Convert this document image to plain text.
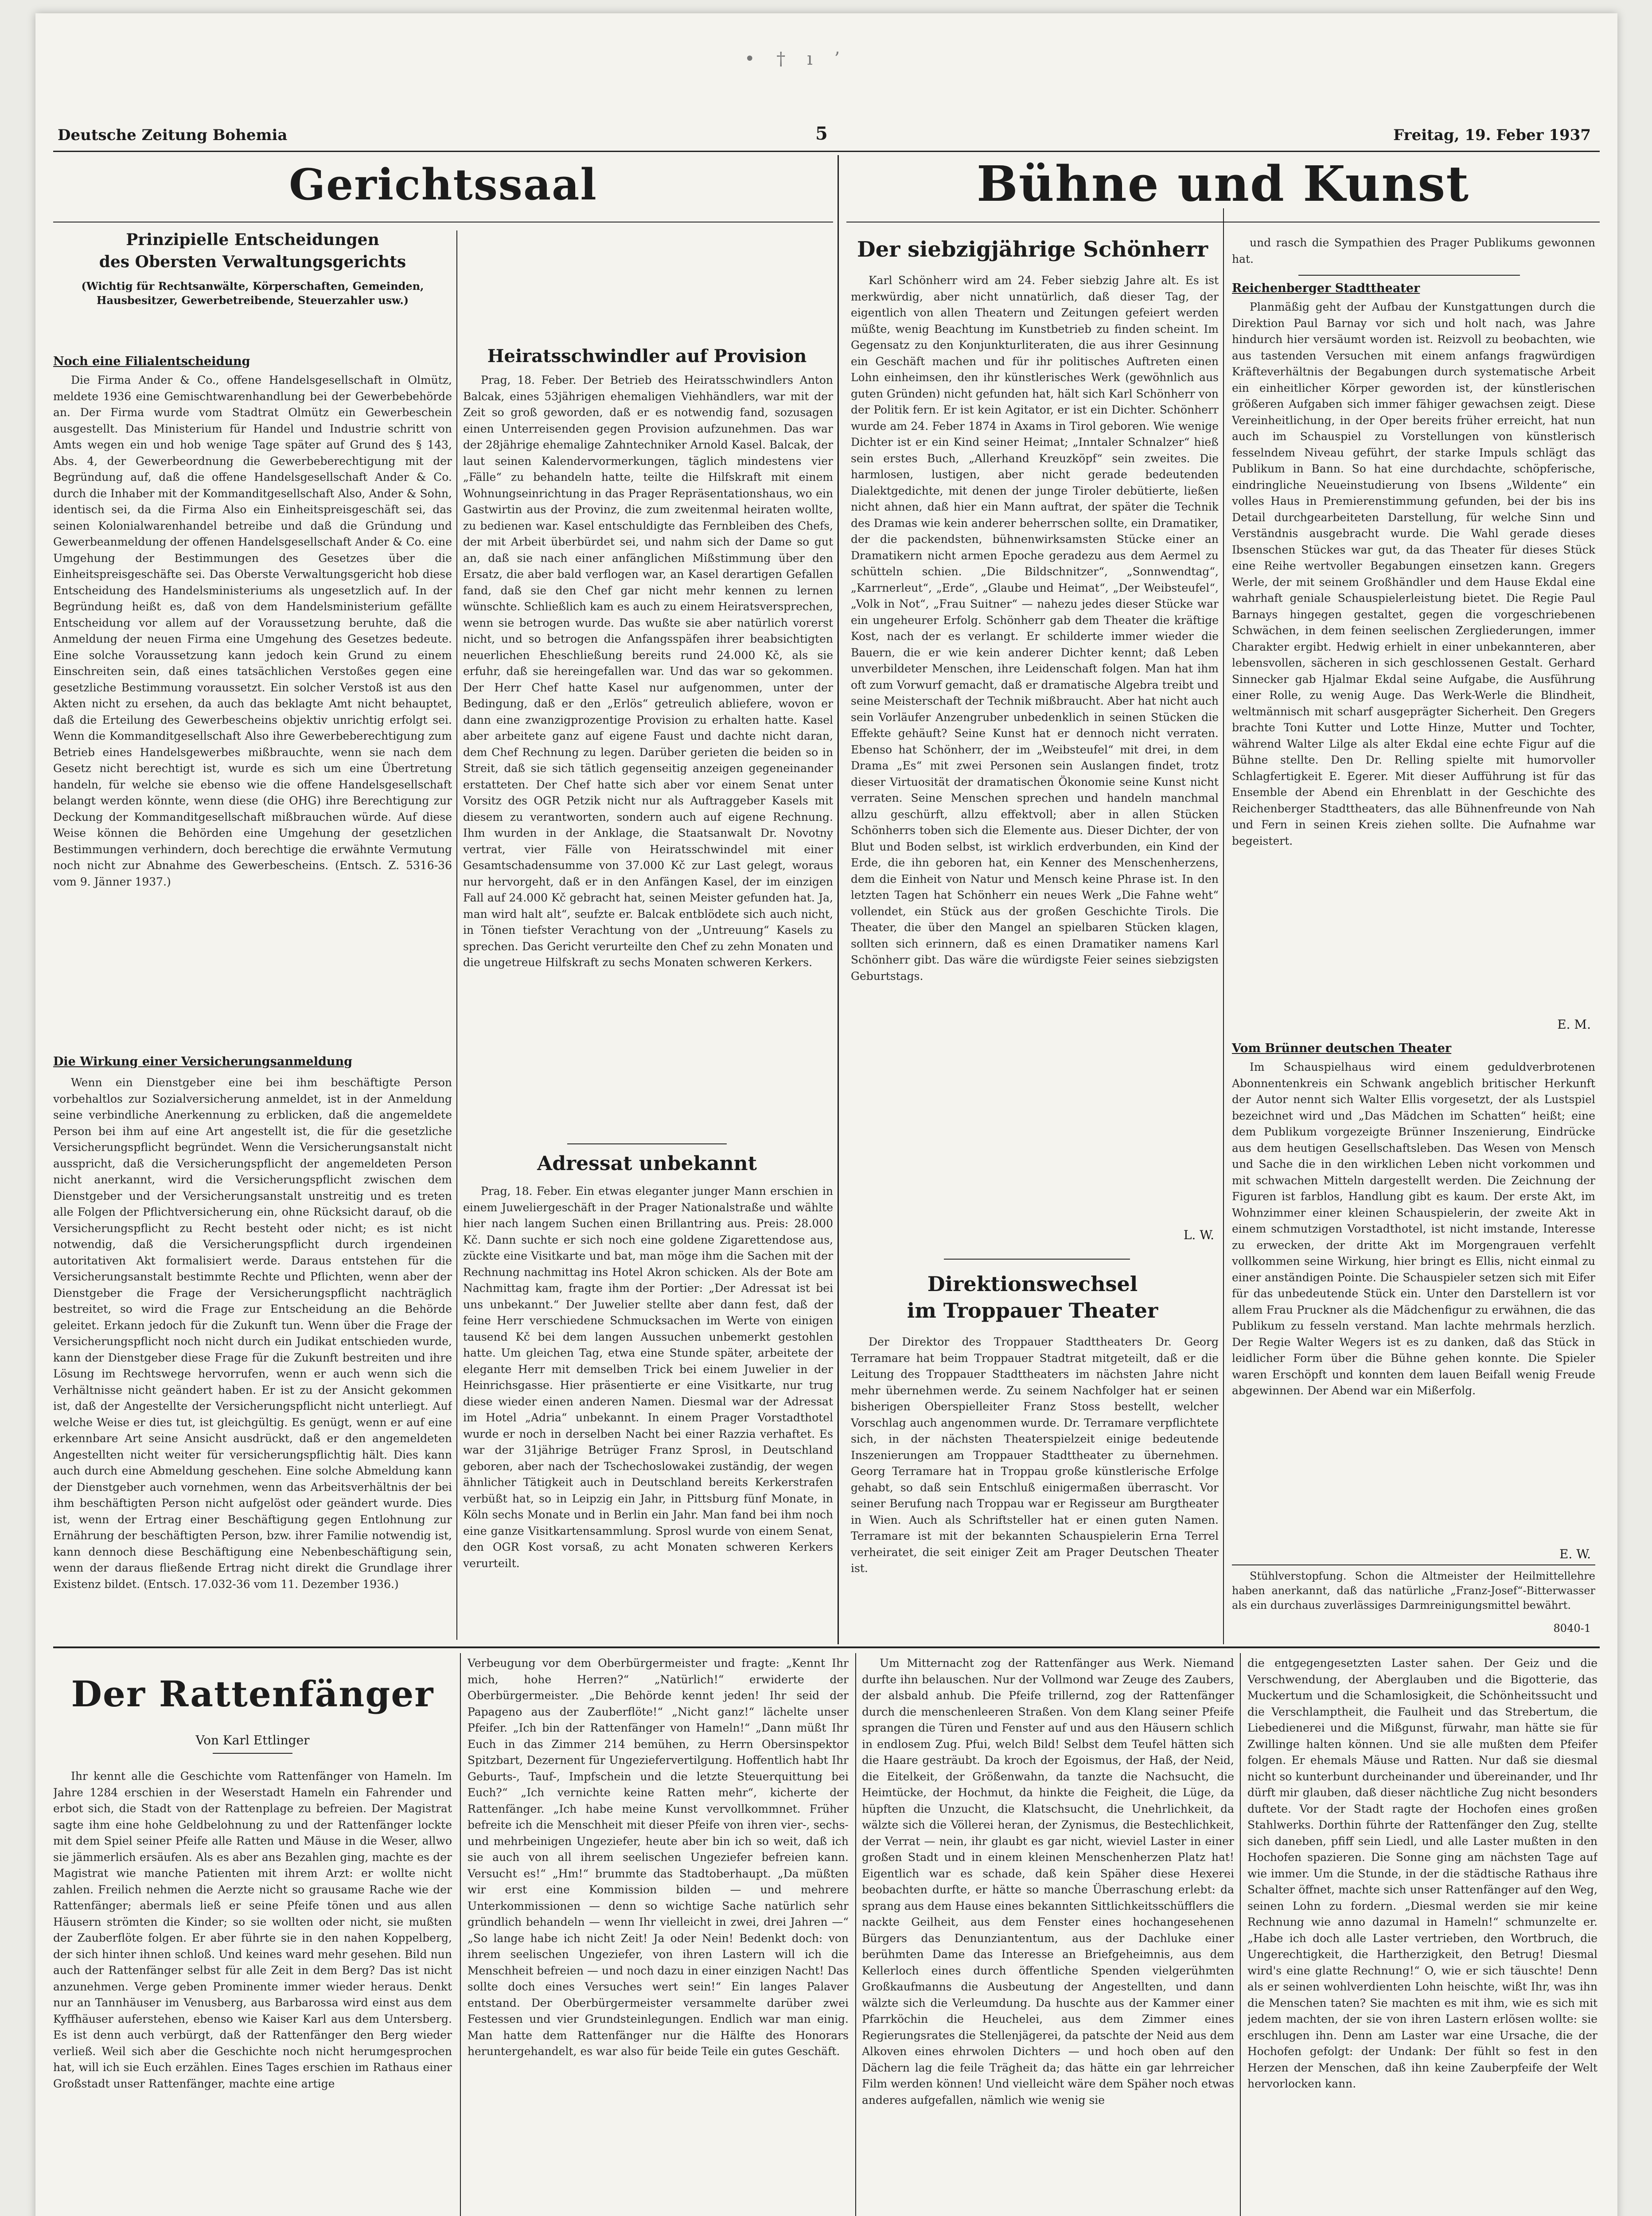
• † ı ’
Deutsche Zeitung Bohemia	5	Freitag, 19. Feber 1937
Gerichtssaal
Prinzipielle Entscheidungen
des Obersten Verwaltungsgerichts
(Wichtig für Rechtsanwälte, Körperschaften, Gemeinden, Hausbesitzer, Gewerbetreibende, Steuerzahler usw.)
Noch eine Filialentscheidung

Die Firma Ander & Co., offene Handelsgesellschaft in Olmütz, meldete 1936 eine Gemischtwarenhandlung bei der Gewerbebehörde an. Der Firma wurde vom Stadtrat Olmütz ein Gewerbeschein ausgestellt. Das Ministerium für Handel und Industrie schritt von Amts wegen ein und hob wenige Tage später auf Grund des § 143, Abs. 4, der Gewerbeordnung die Gewerbeberechtigung mit der Begründung auf, daß die offene Handelsgesellschaft Ander & Co. durch die Inhaber mit der Kommanditgesellschaft Also, Ander & Sohn, identisch sei, da die Firma Also ein Einheitspreisgeschäft sei, das seinen Kolonialwarenhandel betreibe und daß die Gründung und Gewerbeanmeldung der offenen Handelsgesellschaft Ander & Co. eine Umgehung der Bestimmungen des Gesetzes über die Einheitspreisgeschäfte sei. Das Oberste Verwaltungsgericht hob diese Entscheidung des Handelsministeriums als ungesetzlich auf. In der Begründung heißt es, daß von dem Handelsministerium gefällte Entscheidung vor allem auf der Voraussetzung beruhte, daß die Anmeldung der neuen Firma eine Umgehung des Gesetzes bedeute. Eine solche Voraussetzung kann jedoch kein Grund zu einem Einschreiten sein, daß eines tatsächlichen Verstoßes gegen eine gesetzliche Bestimmung voraussetzt. Ein solcher Verstoß ist aus den Akten nicht zu ersehen, da auch das beklagte Amt nicht behauptet, daß die Erteilung des Gewerbescheins objektiv unrichtig erfolgt sei. Wenn die Kommanditgesellschaft Also ihre Gewerbeberechtigung zum Betrieb eines Handelsgewerbes mißbrauchte, wenn sie nach dem Gesetz nicht berechtigt ist, wurde es sich um eine Übertretung handeln, für welche sie ebenso wie die offene Handelsgesellschaft belangt werden könnte, wenn diese (die OHG) ihre Berechtigung zur Deckung der Kommanditgesellschaft mißbrauchen würde. Auf diese Weise können die Behörden eine Umgehung der gesetzlichen Bestimmungen verhindern, doch berechtige die erwähnte Vermutung noch nicht zur Abnahme des Gewerbescheins. (Entsch. Z. 5316-36 vom 9. Jänner 1937.)

Die Wirkung einer Versicherungsanmeldung

Wenn ein Dienstgeber eine bei ihm beschäftigte Person vorbehaltlos zur Sozialversicherung anmeldet, ist in der Anmeldung seine verbindliche Anerkennung zu erblicken, daß die angemeldete Person bei ihm auf eine Art angestellt ist, die für die gesetzliche Versicherungspflicht begründet. Wenn die Versicherungsanstalt nicht ausspricht, daß die Versicherungspflicht der angemeldeten Person nicht anerkannt, wird die Versicherungspflicht zwischen dem Dienstgeber und der Versicherungsanstalt unstreitig und es treten alle Folgen der Pflichtversicherung ein, ohne Rücksicht darauf, ob die Versicherungspflicht zu Recht besteht oder nicht; es ist nicht notwendig, daß die Versicherungspflicht durch irgendeinen autoritativen Akt formalisiert werde. Daraus entstehen für die Versicherungsanstalt bestimmte Rechte und Pflichten, wenn aber der Dienstgeber die Frage der Versicherungspflicht nachträglich bestreitet, so wird die Frage zur Entscheidung an die Behörde geleitet. Erkann jedoch für die Zukunft tun. Wenn über die Frage der Versicherungspflicht noch nicht durch ein Judikat entschieden wurde, kann der Dienstgeber diese Frage für die Zukunft bestreiten und ihre Lösung im Rechtswege hervorrufen, wenn er auch wenn sich die Verhältnisse nicht geändert haben. Er ist zu der Ansicht gekommen ist, daß der Angestellte der Versicherungspflicht nicht unterliegt. Auf welche Weise er dies tut, ist gleichgültig. Es genügt, wenn er auf eine erkennbare Art seine Ansicht ausdrückt, daß er den angemeldeten Angestellten nicht weiter für versicherungspflichtig hält. Dies kann auch durch eine Abmeldung geschehen. Eine solche Abmeldung kann der Dienstgeber auch vornehmen, wenn das Arbeitsverhältnis der bei ihm beschäftigten Person nicht aufgelöst oder geändert wurde. Dies ist, wenn der Ertrag einer Beschäftigung gegen Entlohnung zur Ernährung der beschäftigten Person, bzw. ihrer Familie notwendig ist, kann dennoch diese Beschäftigung eine Nebenbeschäftigung sein, wenn der daraus fließende Ertrag nicht direkt die Grundlage ihrer Existenz bildet. (Entsch. 17.032-36 vom 11. Dezember 1936.)

Heiratsschwindler auf Provision

Prag, 18. Feber. Der Betrieb des Heiratsschwindlers Anton Balcak, eines 53jährigen ehemaligen Viehhändlers, war mit der Zeit so groß geworden, daß er es notwendig fand, sozusagen einen Unterreisenden gegen Provision aufzunehmen. Das war der 28jährige ehemalige Zahntechniker Arnold Kasel. Balcak, der laut seinen Kalendervormerkungen, täglich mindestens vier „Fälle“ zu behandeln hatte, teilte die Hilfskraft mit einem Wohnungseinrichtung in das Prager Repräsentationshaus, wo ein Gastwirtin aus der Provinz, die zum zweitenmal heiraten wollte, zu bedienen war. Kasel entschuldigte das Fernbleiben des Chefs, der mit Arbeit überbürdet sei, und nahm sich der Dame so gut an, daß sie nach einer anfänglichen Mißstimmung über den Ersatz, die aber bald verflogen war, an Kasel derartigen Gefallen fand, daß sie den Chef gar nicht mehr kennen zu lernen wünschte. Schließlich kam es auch zu einem Heiratsversprechen, wenn sie betrogen wurde. Das wußte sie aber natürlich vorerst nicht, und so betrogen die Anfangsspäfen ihrer beabsichtigten neuerlichen Eheschließung bereits rund 24.000 Kč, als sie erfuhr, daß sie hereingefallen war. Und das war so gekommen. Der Herr Chef hatte Kasel nur aufgenommen, unter der Bedingung, daß er den „Erlös“ getreulich abliefere, wovon er dann eine zwanzigprozentige Provision zu erhalten hatte. Kasel aber arbeitete ganz auf eigene Faust und dachte nicht daran, dem Chef Rechnung zu legen. Darüber gerieten die beiden so in Streit, daß sie sich tätlich gegenseitig anzeigen gegeneinander erstatteten. Der Chef hatte sich aber vor einem Senat unter Vorsitz des OGR Petzik nicht nur als Auftraggeber Kasels mit diesem zu verantworten, sondern auch auf eigene Rechnung. Ihm wurden in der Anklage, die Staatsanwalt Dr. Novotny vertrat, vier Fälle von Heiratsschwindel mit einer Gesamtschadensumme von 37.000 Kč zur Last gelegt, woraus nur hervorgeht, daß er in den Anfängen Kasel, der im einzigen Fall auf 24.000 Kč gebracht hat, seinen Meister gefunden hat. Ja, man wird halt alt“, seufzte er. Balcak entblödete sich auch nicht, in Tönen tiefster Verachtung von der „Untreuung“ Kasels zu sprechen. Das Gericht verurteilte den Chef zu zehn Monaten und die ungetreue Hilfskraft zu sechs Monaten schweren Kerkers.

Adressat unbekannt

Prag, 18. Feber. Ein etwas eleganter junger Mann erschien in einem Juweliergeschäft in der Prager Nationalstraße und wählte hier nach langem Suchen einen Brillantring aus. Preis: 28.000 Kč. Dann suchte er sich noch eine goldene Zigarettendose aus, zückte eine Visitkarte und bat, man möge ihm die Sachen mit der Rechnung nachmittag ins Hotel Akron schicken. Als der Bote am Nachmittag kam, fragte ihm der Portier: „Der Adressat ist bei uns unbekannt.“ Der Juwelier stellte aber dann fest, daß der feine Herr verschiedene Schmucksachen im Werte von einigen tausend Kč bei dem langen Aussuchen unbemerkt gestohlen hatte. Um gleichen Tag, etwa eine Stunde später, arbeitete der elegante Herr mit demselben Trick bei einem Juwelier in der Heinrichsgasse. Hier präsentierte er eine Visitkarte, nur trug diese wieder einen anderen Namen. Diesmal war der Adressat im Hotel „Adria“ unbekannt. In einem Prager Vorstadthotel wurde er noch in derselben Nacht bei einer Razzia verhaftet. Es war der 31jährige Betrüger Franz Sprosl, in Deutschland geboren, aber nach der Tschechoslowakei zuständig, der wegen ähnlicher Tätigkeit auch in Deutschland bereits Kerkerstrafen verbüßt hat, so in Leipzig ein Jahr, in Pittsburg fünf Monate, in Köln sechs Monate und in Berlin ein Jahr. Man fand bei ihm noch eine ganze Visitkartensammlung. Sprosl wurde von einem Senat, den OGR Kost vorsaß, zu acht Monaten schweren Kerkers verurteilt.

Bühne und Kunst
Der siebzigjährige Schönherr

Karl Schönherr wird am 24. Feber siebzig Jahre alt. Es ist merkwürdig, aber nicht unnatürlich, daß dieser Tag, der eigentlich von allen Theatern und Zeitungen gefeiert werden müßte, wenig Beachtung im Kunstbetrieb zu finden scheint. Im Gegensatz zu den Konjunkturliteraten, die aus ihrer Gesinnung ein Geschäft machen und für ihr politisches Auftreten einen Lohn einheimsen, den ihr künstlerisches Werk (gewöhnlich aus guten Gründen) nicht gefunden hat, hält sich Karl Schönherr von der Politik fern. Er ist kein Agitator, er ist ein Dichter. Schönherr wurde am 24. Feber 1874 in Axams in Tirol geboren. Wie wenige Dichter ist er ein Kind seiner Heimat; „Inntaler Schnalzer“ hieß sein erstes Buch, „Allerhand Kreuzköpf“ sein zweites. Die harmlosen, lustigen, aber nicht gerade bedeutenden Dialektgedichte, mit denen der junge Tiroler debütierte, ließen nicht ahnen, daß hier ein Mann auftrat, der später die Technik des Dramas wie kein anderer beherrschen sollte, ein Dramatiker, der die packendsten, bühnenwirksamsten Stücke einer an Dramatikern nicht armen Epoche geradezu aus dem Aermel zu schütteln schien. „Die Bildschnitzer“, „Sonnwendtag“, „Karrnerleut“, „Erde“, „Glaube und Heimat“, „Der Weibsteufel“, „Volk in Not“, „Frau Suitner“ — nahezu jedes dieser Stücke war ein ungeheurer Erfolg. Schönherr gab dem Theater die kräftige Kost, nach der es verlangt. Er schilderte immer wieder die Bauern, die er wie kein anderer Dichter kennt; daß Leben unverbildeter Menschen, ihre Leidenschaft folgen. Man hat ihm oft zum Vorwurf gemacht, daß er dramatische Algebra treibt und seine Meisterschaft der Technik mißbraucht. Aber hat nicht auch sein Vorläufer Anzengruber unbedenklich in seinen Stücken die Effekte gehäuft? Seine Kunst hat er dennoch nicht verraten. Ebenso hat Schönherr, der im „Weibsteufel“ mit drei, in dem Drama „Es“ mit zwei Personen sein Auslangen findet, trotz dieser Virtuosität der dramatischen Ökonomie seine Kunst nicht verraten. Seine Menschen sprechen und handeln manchmal allzu geschürft, allzu effektvoll; aber in allen Stücken Schönherrs toben sich die Elemente aus. Dieser Dichter, der von Blut und Boden selbst, ist wirklich erdverbunden, ein Kind der Erde, die ihn geboren hat, ein Kenner des Menschenherzens, dem die Einheit von Natur und Mensch keine Phrase ist. In den letzten Tagen hat Schönherr ein neues Werk „Die Fahne weht“ vollendet, ein Stück aus der großen Geschichte Tirols. Die Theater, die über den Mangel an spielbaren Stücken klagen, sollten sich erinnern, daß es einen Dramatiker namens Karl Schönherr gibt. Das wäre die würdigste Feier seines siebzigsten Geburtstags.

L. W.
Direktionswechsel
im Troppauer Theater

Der Direktor des Troppauer Stadttheaters Dr. Georg Terramare hat beim Troppauer Stadtrat mitgeteilt, daß er die Leitung des Troppauer Stadttheaters im nächsten Jahre nicht mehr übernehmen werde. Zu seinem Nachfolger hat er seinen bisherigen Oberspielleiter Franz Stoss bestellt, welcher Vorschlag auch angenommen wurde. Dr. Terramare verpflichtete sich, in der nächsten Theaterspielzeit einige bedeutende Inszenierungen am Troppauer Stadttheater zu übernehmen. Georg Terramare hat in Troppau große künstlerische Erfolge gehabt, so daß sein Entschluß einigermaßen überrascht. Vor seiner Berufung nach Troppau war er Regisseur am Burgtheater in Wien. Auch als Schriftsteller hat er einen guten Namen. Terramare ist mit der bekannten Schauspielerin Erna Terrel verheiratet, die seit einiger Zeit am Prager Deutschen Theater ist.

und rasch die Sympathien des Prager Publikums gewonnen hat.

Reichenberger Stadttheater

Planmäßig geht der Aufbau der Kunstgattungen durch die Direktion Paul Barnay vor sich und holt nach, was Jahre hindurch hier versäumt worden ist. Reizvoll zu beobachten, wie aus tastenden Versuchen mit einem anfangs fragwürdigen Kräfteverhältnis der Begabungen durch systematische Arbeit ein einheitlicher Körper geworden ist, der künstlerischen größeren Aufgaben sich immer fähiger gewachsen zeigt. Diese Vereinheitlichung, in der Oper bereits früher erreicht, hat nun auch im Schauspiel zu Vorstellungen von künstlerisch fesselndem Niveau geführt, der starke Impuls schlägt das Publikum in Bann. So hat eine durchdachte, schöpferische, eindringliche Neueinstudierung von Ibsens „Wildente“ ein volles Haus in Premierenstimmung gefunden, bei der bis ins Detail durchgearbeiteten Darstellung, für welche Sinn und Verständnis ausgebracht wurde. Die Wahl gerade dieses Ibsenschen Stückes war gut, da das Theater für dieses Stück eine Reihe wertvoller Begabungen einsetzen kann. Gregers Werle, der mit seinem Großhändler und dem Hause Ekdal eine wahrhaft geniale Schauspielerleistung bietet. Die Regie Paul Barnays hingegen gestaltet, gegen die vorgeschriebenen Schwächen, in dem feinen seelischen Zergliederungen, immer Charakter ergibt. Hedwig erhielt in einer unbekannteren, aber lebensvollen, sächeren in sich geschlossenen Gestalt. Gerhard Sinnecker gab Hjalmar Ekdal seine Aufgabe, die Ausführung einer Rolle, zu wenig Auge. Das Werk-Werle die Blindheit, weltmännisch mit scharf ausgeprägter Sicherheit. Den Gregers brachte Toni Kutter und Lotte Hinze, Mutter und Tochter, während Walter Lilge als alter Ekdal eine echte Figur auf die Bühne stellte. Den Dr. Relling spielte mit humorvoller Schlagfertigkeit E. Egerer. Mit dieser Aufführung ist für das Ensemble der Abend ein Ehrenblatt in der Geschichte des Reichenberger Stadttheaters, das alle Bühnenfreunde von Nah und Fern in seinen Kreis ziehen sollte. Die Aufnahme war begeistert.

E. M.
Vom Brünner deutschen Theater

Im Schauspielhaus wird einem geduldverbrotenen Abonnentenkreis ein Schwank angeblich britischer Herkunft der Autor nennt sich Walter Ellis vorgesetzt, der als Lustspiel bezeichnet wird und „Das Mädchen im Schatten“ heißt; eine dem Publikum vorgezeigte Brünner Inszenierung, Eindrücke aus dem heutigen Gesellschaftsleben. Das Wesen von Mensch und Sache die in den wirklichen Leben nicht vorkommen und mit schwachen Mitteln dargestellt werden. Die Zeichnung der Figuren ist farblos, Handlung gibt es kaum. Der erste Akt, im Wohnzimmer einer kleinen Schauspielerin, der zweite Akt in einem schmutzigen Vorstadthotel, ist nicht imstande, Interesse zu erwecken, der dritte Akt im Morgengrauen verfehlt vollkommen seine Wirkung, hier bringt es Ellis, nicht einmal zu einer anständigen Pointe. Die Schauspieler setzen sich mit Eifer für das unbedeutende Stück ein. Unter den Darstellern ist vor allem Frau Pruckner als die Mädchenfigur zu erwähnen, die das Publikum zu fesseln verstand. Man lachte mehrmals herzlich. Der Regie Walter Wegers ist es zu danken, daß das Stück in leidlicher Form über die Bühne gehen konnte. Die Spieler waren Erschöpft und konnten dem lauen Beifall wenig Freude abgewinnen. Der Abend war ein Mißerfolg.

E. W.

Stühlverstopfung. Schon die Altmeister der Heilmittellehre haben anerkannt, daß das natürliche „Franz-Josef“-Bitterwasser als ein durchaus zuverlässiges Darmreinigungsmittel bewährt.

8040-1
Der Rattenfänger
Von Karl Ettlinger

Ihr kennt alle die Geschichte vom Rattenfänger von Hameln. Im Jahre 1284 erschien in der Weserstadt Hameln ein Fahrender und erbot sich, die Stadt von der Rattenplage zu befreien. Der Magistrat sagte ihm eine hohe Geldbelohnung zu und der Rattenfänger lockte mit dem Spiel seiner Pfeife alle Ratten und Mäuse in die Weser, allwo sie jämmerlich ersäufen. Als es aber ans Bezahlen ging, machte es der Magistrat wie manche Patienten mit ihrem Arzt: er wollte nicht zahlen. Freilich nehmen die Aerzte nicht so grausame Rache wie der Rattenfänger; abermals ließ er seine Pfeife tönen und aus allen Häusern strömten die Kinder; so sie wollten oder nicht, sie mußten der Zauberflöte folgen. Er aber führte sie in den nahen Koppelberg, der sich hinter ihnen schloß. Und keines ward mehr gesehen. Bild nun auch der Rattenfänger selbst für alle Zeit in dem Berg? Das ist nicht anzunehmen. Verge geben Prominente immer wieder heraus. Denkt nur an Tannhäuser im Venusberg, aus Barbarossa wird einst aus dem Kyffhäuser auferstehen, ebenso wie Kaiser Karl aus dem Untersberg. Es ist denn auch verbürgt, daß der Rattenfänger den Berg wieder verließ. Weil sich aber die Geschichte noch nicht herumgesprochen hat, will ich sie Euch erzählen. Eines Tages erschien im Rathaus einer Großstadt unser Rattenfänger, machte eine artige

Verbeugung vor dem Oberbürgermeister und fragte: „Kennt Ihr mich, hohe Herren?“ „Natürlich!“ erwiderte der Oberbürgermeister. „Die Behörde kennt jeden! Ihr seid der Papageno aus der Zauberflöte!“ „Nicht ganz!“ lächelte unser Pfeifer. „Ich bin der Rattenfänger von Hameln!“ „Dann müßt Ihr Euch in das Zimmer 214 bemühen, zu Herrn Obersinspektor Spitzbart, Dezernent für Ungeziefervertilgung. Hoffentlich habt Ihr Geburts-, Tauf-, Impfschein und die letzte Steuerquittung bei Euch?“ „Ich vernichte keine Ratten mehr“, kicherte der Rattenfänger. „Ich habe meine Kunst vervollkommnet. Früher befreite ich die Menschheit mit dieser Pfeife von ihren vier-, sechs- und mehrbeinigen Ungeziefer, heute aber bin ich so weit, daß ich sie auch von all ihrem seelischen Ungeziefer befreien kann. Versucht es!“ „Hm!“ brummte das Stadtoberhaupt. „Da müßten wir erst eine Kommission bilden — und mehrere Unterkommissionen — denn so wichtige Sache natürlich sehr gründlich behandeln — wenn Ihr vielleicht in zwei, drei Jahren —“ „So lange habe ich nicht Zeit! Ja oder Nein! Bedenkt doch: von ihrem seelischen Ungeziefer, von ihren Lastern will ich die Menschheit befreien — und noch dazu in einer einzigen Nacht! Das sollte doch eines Versuches wert sein!“ Ein langes Palaver entstand. Der Oberbürgermeister versammelte darüber zwei Festessen und vier Grundsteinlegungen. Endlich war man einig. Man hatte dem Rattenfänger nur die Hälfte des Honorars heruntergehandelt, es war also für beide Teile ein gutes Geschäft.

Um Mitternacht zog der Rattenfänger aus Werk. Niemand durfte ihn belauschen. Nur der Vollmond war Zeuge des Zaubers, der alsbald anhub. Die Pfeife trillernd, zog der Rattenfänger durch die menschenleeren Straßen. Von dem Klang seiner Pfeife sprangen die Türen und Fenster auf und aus den Häusern schlich in endlosem Zug. Pfui, welch Bild! Selbst dem Teufel hätten sich die Haare gesträubt. Da kroch der Egoismus, der Haß, der Neid, die Eitelkeit, der Größenwahn, da tanzte die Nachsucht, die Heimtücke, der Hochmut, da hinkte die Feigheit, die Lüge, da hüpften die Unzucht, die Klatschsucht, die Unehrlichkeit, da wälzte sich die Völlerei heran, der Zynismus, die Bestechlichkeit, der Verrat — nein, ihr glaubt es gar nicht, wieviel Laster in einer großen Stadt und in einem kleinen Menschenherzen Platz hat! Eigentlich war es schade, daß kein Späher diese Hexerei beobachten durfte, er hätte so manche Überraschung erlebt: da sprang aus dem Hause eines bekannten Sittlichkeitsschüfflers die nackte Geilheit, aus dem Fenster eines hochangesehenen Bürgers das Denunziantentum, aus der Dachluke einer berühmten Dame das Interesse an Briefgeheimnis, aus dem Kellerloch eines durch öffentliche Spenden vielgerühmten Großkaufmanns die Ausbeutung der Angestellten, und dann wälzte sich die Verleumdung. Da huschte aus der Kammer einer Pfarrköchin die Heuchelei, aus dem Zimmer eines Regierungsrates die Stellenjägerei, da patschte der Neid aus dem Alkoven eines ehrwolen Dichters — und hoch oben auf den Dächern lag die feile Trägheit da; das hätte ein gar lehrreicher Film werden können! Und vielleicht wäre dem Späher noch etwas anderes aufgefallen, nämlich wie wenig sie

die entgegengesetzten Laster sahen. Der Geiz und die Verschwendung, der Aberglauben und die Bigotterie, das Muckertum und die Schamlosigkeit, die Schönheitssucht und die Verschlamptheit, die Faulheit und das Strebertum, die Liebedienerei und die Mißgunst, fürwahr, man hätte sie für Zwillinge halten können. Und sie alle mußten dem Pfeifer folgen. Er ehemals Mäuse und Ratten. Nur daß sie diesmal nicht so kunterbunt durcheinander und übereinander, und Ihr dürft mir glauben, daß dieser nächtliche Zug nicht besonders duftete. Vor der Stadt ragte der Hochofen eines großen Stahlwerks. Dorthin führte der Rattenfänger den Zug, stellte sich daneben, pfiff sein Liedl, und alle Laster mußten in den Hochofen spazieren. Die Sonne ging am nächsten Tage auf wie immer. Um die Stunde, in der die städtische Rathaus ihre Schalter öffnet, machte sich unser Rattenfänger auf den Weg, seinen Lohn zu fordern. „Diesmal werden sie mir keine Rechnung wie anno dazumal in Hameln!“ schmunzelte er. „Habe ich doch alle Laster vertrieben, den Wortbruch, die Ungerechtigkeit, die Hartherzigkeit, den Betrug! Diesmal wird's eine glatte Rechnung!“ O, wie er sich täuschte! Denn als er seinen wohlverdienten Lohn heischte, wißt Ihr, was ihn die Menschen taten? Sie machten es mit ihm, wie es sich mit jedem machten, der sie von ihren Lastern erlösen wollte: sie erschlugen ihn. Denn am Laster war eine Ursache, die der Hochofen gefolgt: der Undank: Der fühlt so fest in den Herzen der Menschen, daß ihn keine Zauberpfeife der Welt hervorlocken kann.
